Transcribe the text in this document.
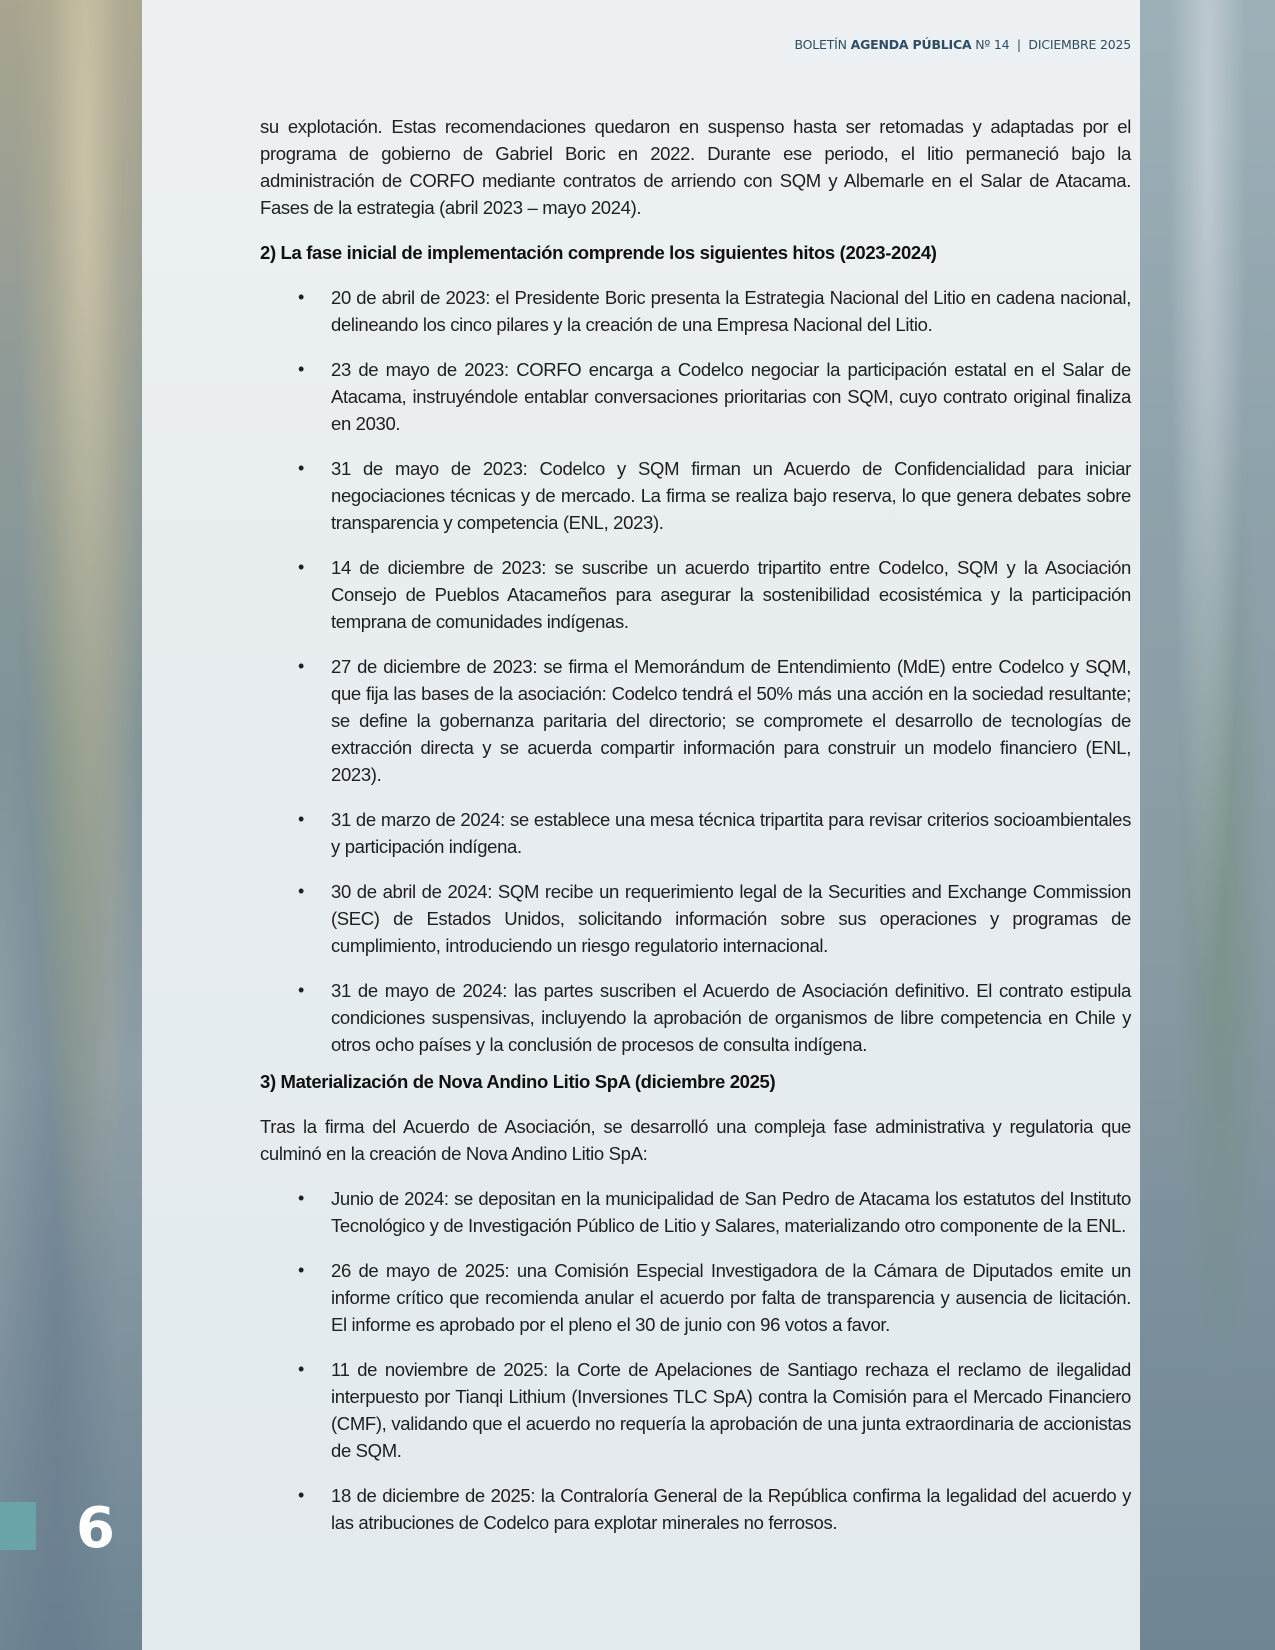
6
BOLETÍN AGENDA PÚBLICA Nº 14  |  DICIEMBRE 2025

su explotación. Estas recomendaciones quedaron en suspenso hasta ser retomadas y adaptadas por el programa de gobierno de Gabriel Boric en 2022. Durante ese periodo, el litio permaneció bajo la administración de CORFO mediante contratos de arriendo con SQM y Albemarle en el Salar de Atacama. Fases de la estrategia (abril 2023 – mayo 2024).

2) La fase inicial de implementación comprende los siguientes hitos (2023-2024)
• 20 de abril de 2023: el Presidente Boric presenta la Estrategia Nacional del Litio en cadena nacional, delineando los cinco pilares y la creación de una Empresa Nacional del Litio.
• 23 de mayo de 2023: CORFO encarga a Codelco negociar la participación estatal en el Salar de Atacama, instruyéndole entablar conversaciones prioritarias con SQM, cuyo contrato original finaliza en 2030.
• 31 de mayo de 2023: Codelco y SQM firman un Acuerdo de Confidencialidad para iniciar negociaciones técnicas y de mercado. La firma se realiza bajo reserva, lo que genera debates sobre transparencia y competencia (ENL, 2023).
• 14 de diciembre de 2023: se suscribe un acuerdo tripartito entre Codelco, SQM y la Asociación Consejo de Pueblos Atacameños para asegurar la sostenibilidad ecosistémica y la participación temprana de comunidades indígenas.
• 27 de diciembre de 2023: se firma el Memorándum de Entendimiento (MdE) entre Codelco y SQM, que fija las bases de la asociación: Codelco tendrá el 50% más una acción en la sociedad resultante; se define la gobernanza paritaria del directorio; se compromete el desarrollo de tecnologías de extracción directa y se acuerda compartir información para construir un modelo financiero (ENL, 2023).
• 31 de marzo de 2024: se establece una mesa técnica tripartita para revisar criterios socioambientales y participación indígena.
• 30 de abril de 2024: SQM recibe un requerimiento legal de la Securities and Exchange Commission (SEC) de Estados Unidos, solicitando información sobre sus operaciones y programas de cumplimiento, introduciendo un riesgo regulatorio internacional.
• 31 de mayo de 2024: las partes suscriben el Acuerdo de Asociación definitivo. El contrato estipula condiciones suspensivas, incluyendo la aprobación de organismos de libre competencia en Chile y otros ocho países y la conclusión de procesos de consulta indígena.
3) Materialización de Nova Andino Litio SpA (diciembre 2025)

Tras la firma del Acuerdo de Asociación, se desarrolló una compleja fase administrativa y regulatoria que culminó en la creación de Nova Andino Litio SpA:

• Junio de 2024: se depositan en la municipalidad de San Pedro de Atacama los estatutos del Instituto Tecnológico y de Investigación Público de Litio y Salares, materializando otro componente de la ENL.
• 26 de mayo de 2025: una Comisión Especial Investigadora de la Cámara de Diputados emite un informe crítico que recomienda anular el acuerdo por falta de transparencia y ausencia de licitación. El informe es aprobado por el pleno el 30 de junio con 96 votos a favor.
• 11 de noviembre de 2025: la Corte de Apelaciones de Santiago rechaza el reclamo de ilegalidad interpuesto por Tianqi Lithium (Inversiones TLC SpA) contra la Comisión para el Mercado Financiero (CMF), validando que el acuerdo no requería la aprobación de una junta extraordinaria de accionistas de SQM.
• 18 de diciembre de 2025: la Contraloría General de la República confirma la legalidad del acuerdo y las atribuciones de Codelco para explotar minerales no ferrosos.
